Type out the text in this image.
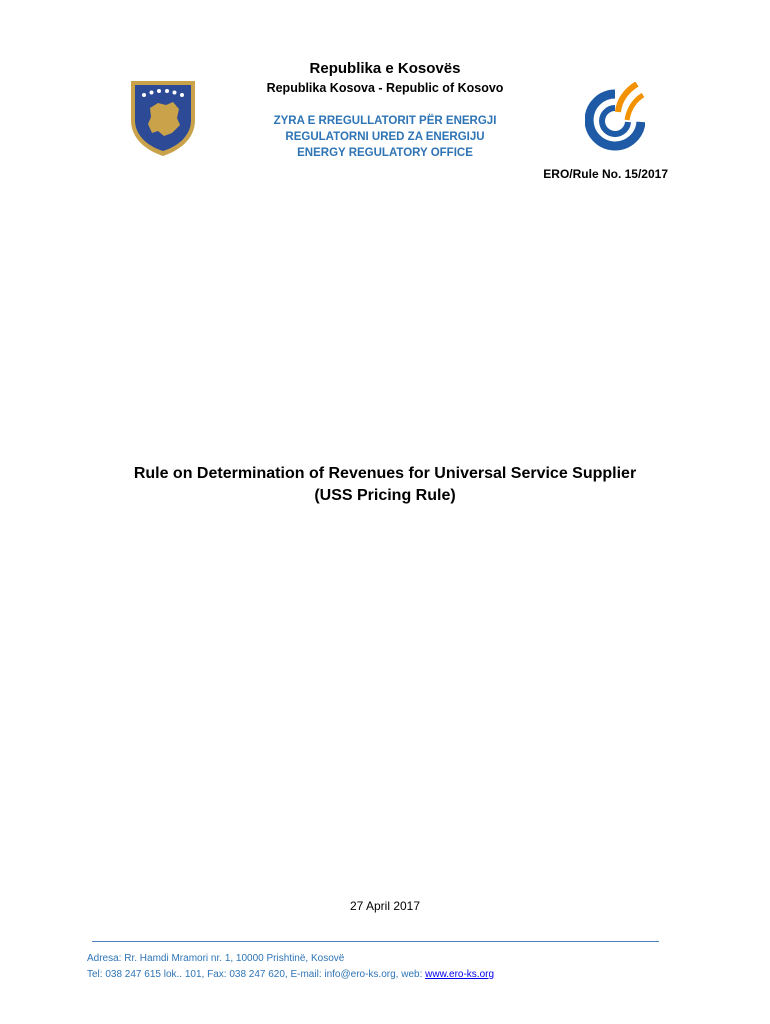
Republika e Kosovës
Republika Kosova - Republic of Kosovo
ZYRA E RREGULLATORIT PËR ENERGJI
REGULATORNI URED ZA ENERGIJU
ENERGY REGULATORY OFFICE
ERO/Rule No. 15/2017
Rule on Determination of Revenues for Universal Service Supplier
(USS Pricing Rule)
27 April 2017
Adresa: Rr. Hamdi Mramori nr. 1, 10000 Prishtinë, Kosovë
Tel: 038 247 615 lok.. 101, Fax: 038 247 620, E-mail: info@ero-ks.org, web: www.ero-ks.org
